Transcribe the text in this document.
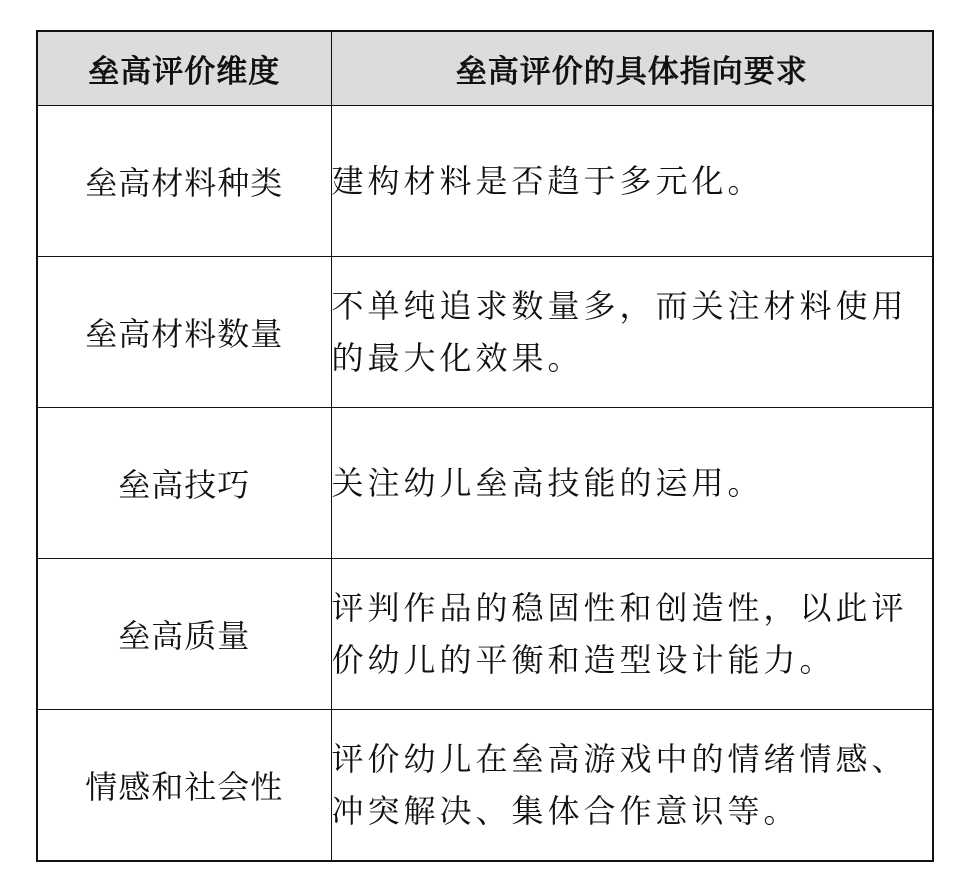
垒高评价维度	垒高评价的具体指向要求
垒高材料种类	建构材料是否趋于多元化。
垒高材料数量	不单纯追求数量多，而关注材料使用的最大化效果。
垒高技巧	关注幼儿垒高技能的运用。
垒高质量	评判作品的稳固性和创造性，以此评价幼儿的平衡和造型设计能力。
情感和社会性	评价幼儿在垒高游戏中的情绪情感、冲突解决、集体合作意识等。
